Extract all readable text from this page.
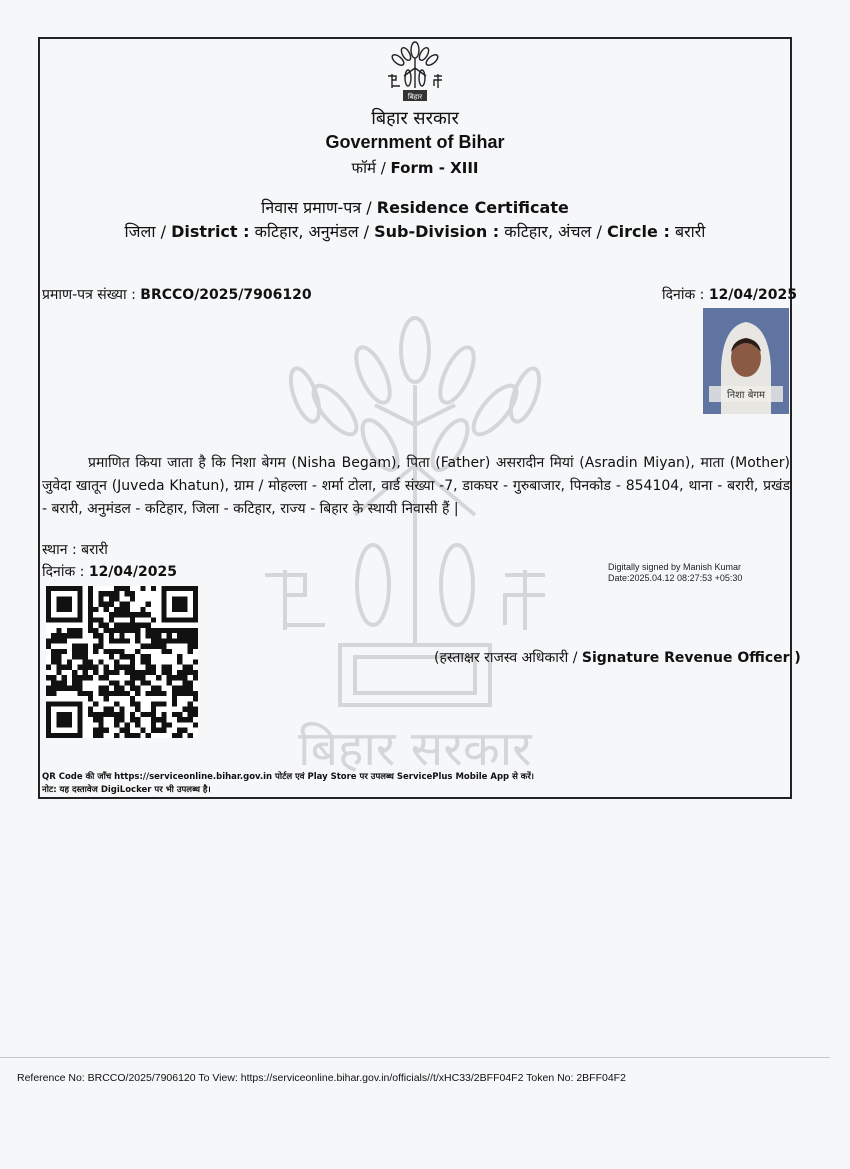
बिहार सरकार
बिहार
बिहार सरकार
Government of Bihar
फॉर्म / Form - XIII
निवास प्रमाण-पत्र / Residence Certificate
जिला / District : कटिहार, अनुमंडल / Sub-Division : कटिहार, अंचल / Circle : बरारी
प्रमाण-पत्र संख्या : BRCCO/2025/7906120	दिनांक : 12/04/2025
निशा बेगम

प्रमाणित किया जाता है कि निशा बेगम (Nisha Begam), पिता (Father) असरादीन मियां (Asradin Miyan), माता (Mother) जुवेदा खातून (Juveda Khatun), ग्राम / मोहल्ला - शर्मा टोला, वार्ड संख्या -7, डाकघर - गुरुबाजार, पिनकोड - 854104, थाना - बरारी, प्रखंड - बरारी, अनुमंडल - कटिहार, जिला - कटिहार, राज्य - बिहार के स्थायी निवासी हैं |

स्थान : बरारी
दिनांक : 12/04/2025	Digitally signed by Manish Kumar
Date:2025.04.12 08:27:53 +05:30
(हस्ताक्षर राजस्व अधिकारी / Signature Revenue Officer )
QR Code की जाँच https://serviceonline.bihar.gov.in पोर्टल एवं Play Store पर उपलब्ध ServicePlus Mobile App से करें।
नोट: यह दस्तावेज DigiLocker पर भी उपलब्ध है।
Reference No: BRCCO/2025/7906120 To View: https://serviceonline.bihar.gov.in/officials//t/xHC33/2BFF04F2 Token No: 2BFF04F2
